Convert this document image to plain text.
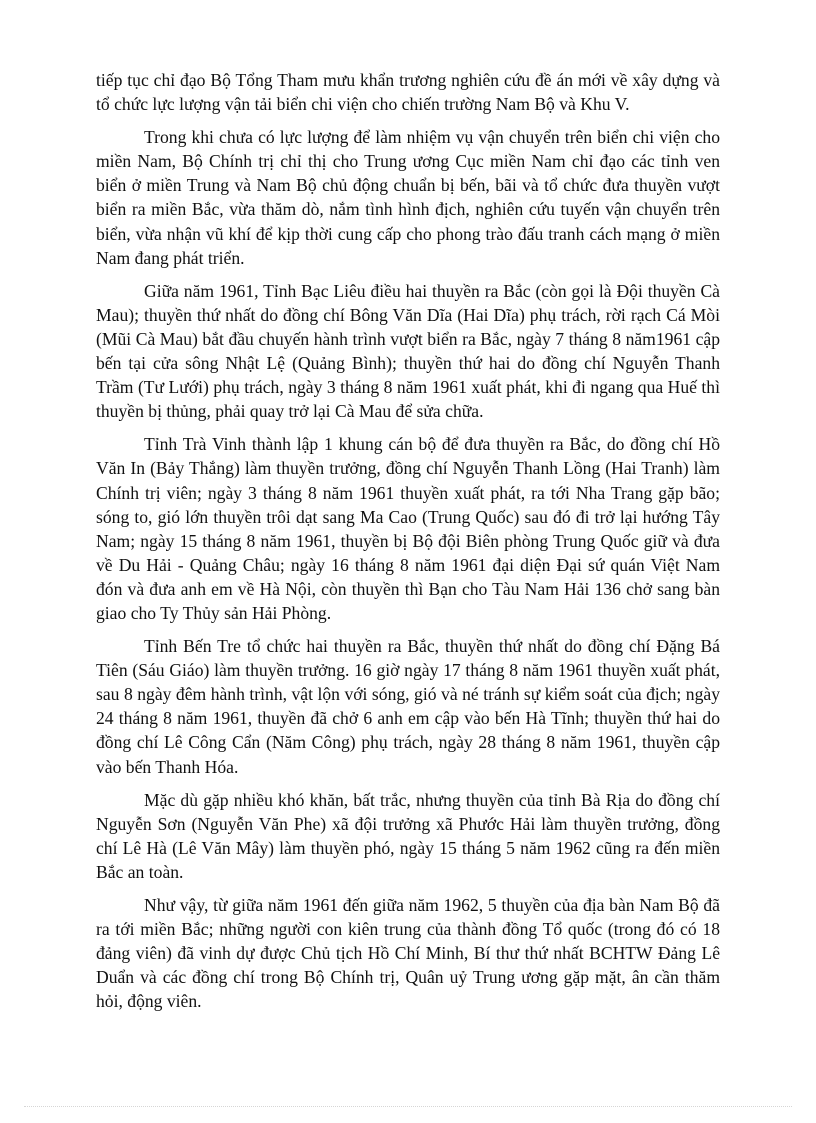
tiếp tục chỉ đạo Bộ Tổng Tham mưu khẩn trương nghiên cứu đề án mới về xây dựng và tổ chức lực lượng vận tải biển chi viện cho chiến trường Nam Bộ và Khu V.

Trong khi chưa có lực lượng để làm nhiệm vụ vận chuyển trên biển chi viện cho miền Nam, Bộ Chính trị chỉ thị cho Trung ương Cục miền Nam chỉ đạo các tỉnh ven biển ở miền Trung và Nam Bộ chủ động chuẩn bị bến, bãi và tổ chức đưa thuyền vượt biển ra miền Bắc, vừa thăm dò, nắm tình hình địch, nghiên cứu tuyến vận chuyển trên biển, vừa nhận vũ khí để kịp thời cung cấp cho phong trào đấu tranh cách mạng ở miền Nam đang phát triển.

Giữa năm 1961, Tỉnh Bạc Liêu điều hai thuyền ra Bắc (còn gọi là Đội thuyền Cà Mau); thuyền thứ nhất do đồng chí Bông Văn Dĩa (Hai Dĩa) phụ trách, rời rạch Cá Mòi (Mũi Cà Mau) bắt đầu chuyến hành trình vượt biển ra Bắc, ngày 7 tháng 8 năm1961 cập bến tại cửa sông Nhật Lệ (Quảng Bình); thuyền thứ hai do đồng chí Nguyễn Thanh Trầm (Tư Lưới) phụ trách, ngày 3 tháng 8 năm 1961 xuất phát, khi đi ngang qua Huế thì thuyền bị thủng, phải quay trở lại Cà Mau để sửa chữa.

Tỉnh Trà Vinh thành lập 1 khung cán bộ để đưa thuyền ra Bắc, do đồng chí Hồ Văn In (Bảy Thắng) làm thuyền trưởng, đồng chí Nguyễn Thanh Lồng (Hai Tranh) làm Chính trị viên; ngày 3 tháng 8 năm 1961 thuyền xuất phát, ra tới Nha Trang gặp bão; sóng to, gió lớn thuyền trôi dạt sang Ma Cao (Trung Quốc) sau đó đi trở lại hướng Tây Nam; ngày 15 tháng 8 năm 1961, thuyền bị Bộ đội Biên phòng Trung Quốc giữ và đưa về Du Hải - Quảng Châu; ngày 16 tháng 8 năm 1961 đại diện Đại sứ quán Việt Nam đón và đưa anh em về Hà Nội, còn thuyền thì Bạn cho Tàu Nam Hải 136 chở sang bàn giao cho Ty Thủy sản Hải Phòng.

Tỉnh Bến Tre tổ chức hai thuyền ra Bắc, thuyền thứ nhất do đồng chí Đặng Bá Tiên (Sáu Giáo) làm thuyền trưởng. 16 giờ ngày 17 tháng 8 năm 1961 thuyền xuất phát, sau 8 ngày đêm hành trình, vật lộn với sóng, gió và né tránh sự kiểm soát của địch; ngày 24 tháng 8 năm 1961, thuyền đã chở 6 anh em cập vào bến Hà Tĩnh; thuyền thứ hai do đồng chí Lê Công Cẩn (Năm Công) phụ trách, ngày 28 tháng 8 năm 1961, thuyền cập vào bến Thanh Hóa.

Mặc dù gặp nhiều khó khăn, bất trắc, nhưng thuyền của tỉnh Bà Rịa do đồng chí Nguyễn Sơn (Nguyễn Văn Phe) xã đội trưởng xã Phước Hải làm thuyền trưởng, đồng chí Lê Hà (Lê Văn Mây) làm thuyền phó, ngày 15 tháng 5 năm 1962 cũng ra đến miền Bắc an toàn.

Như vậy, từ giữa năm 1961 đến giữa năm 1962, 5 thuyền của địa bàn Nam Bộ đã ra tới miền Bắc; những người con kiên trung của thành đồng Tổ quốc (trong đó có 18 đảng viên) đã vinh dự được Chủ tịch Hồ Chí Minh, Bí thư thứ nhất BCHTW Đảng Lê Duẩn và các đồng chí trong Bộ Chính trị, Quân uỷ Trung ương gặp mặt, ân cần thăm hỏi, động viên.
